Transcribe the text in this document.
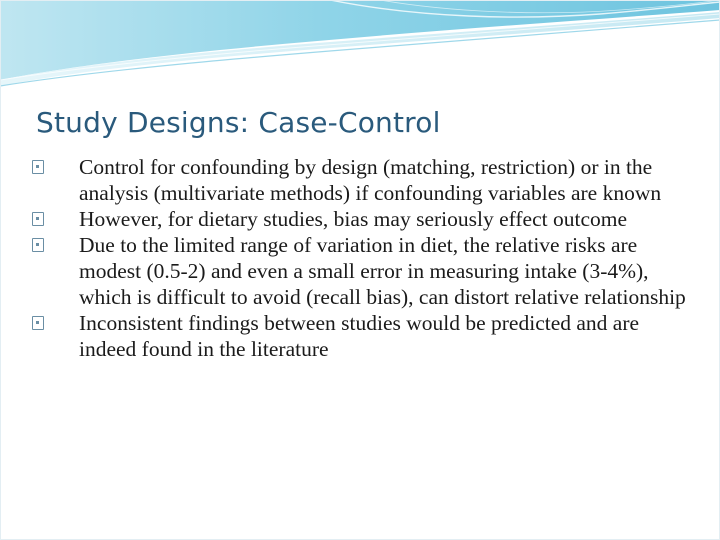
Study Designs: Case-Control
Control for confounding by design (matching, restriction) or in the analysis (multivariate methods) if confounding variables are known
However, for dietary studies, bias may seriously effect outcome
Due to the limited range of variation in diet, the relative risks are modest (0.5-2) and even a small error in measuring intake (3-4%), which is difficult to avoid (recall bias), can distort relative relationship
Inconsistent findings between studies would be predicted and are indeed found in the literature
